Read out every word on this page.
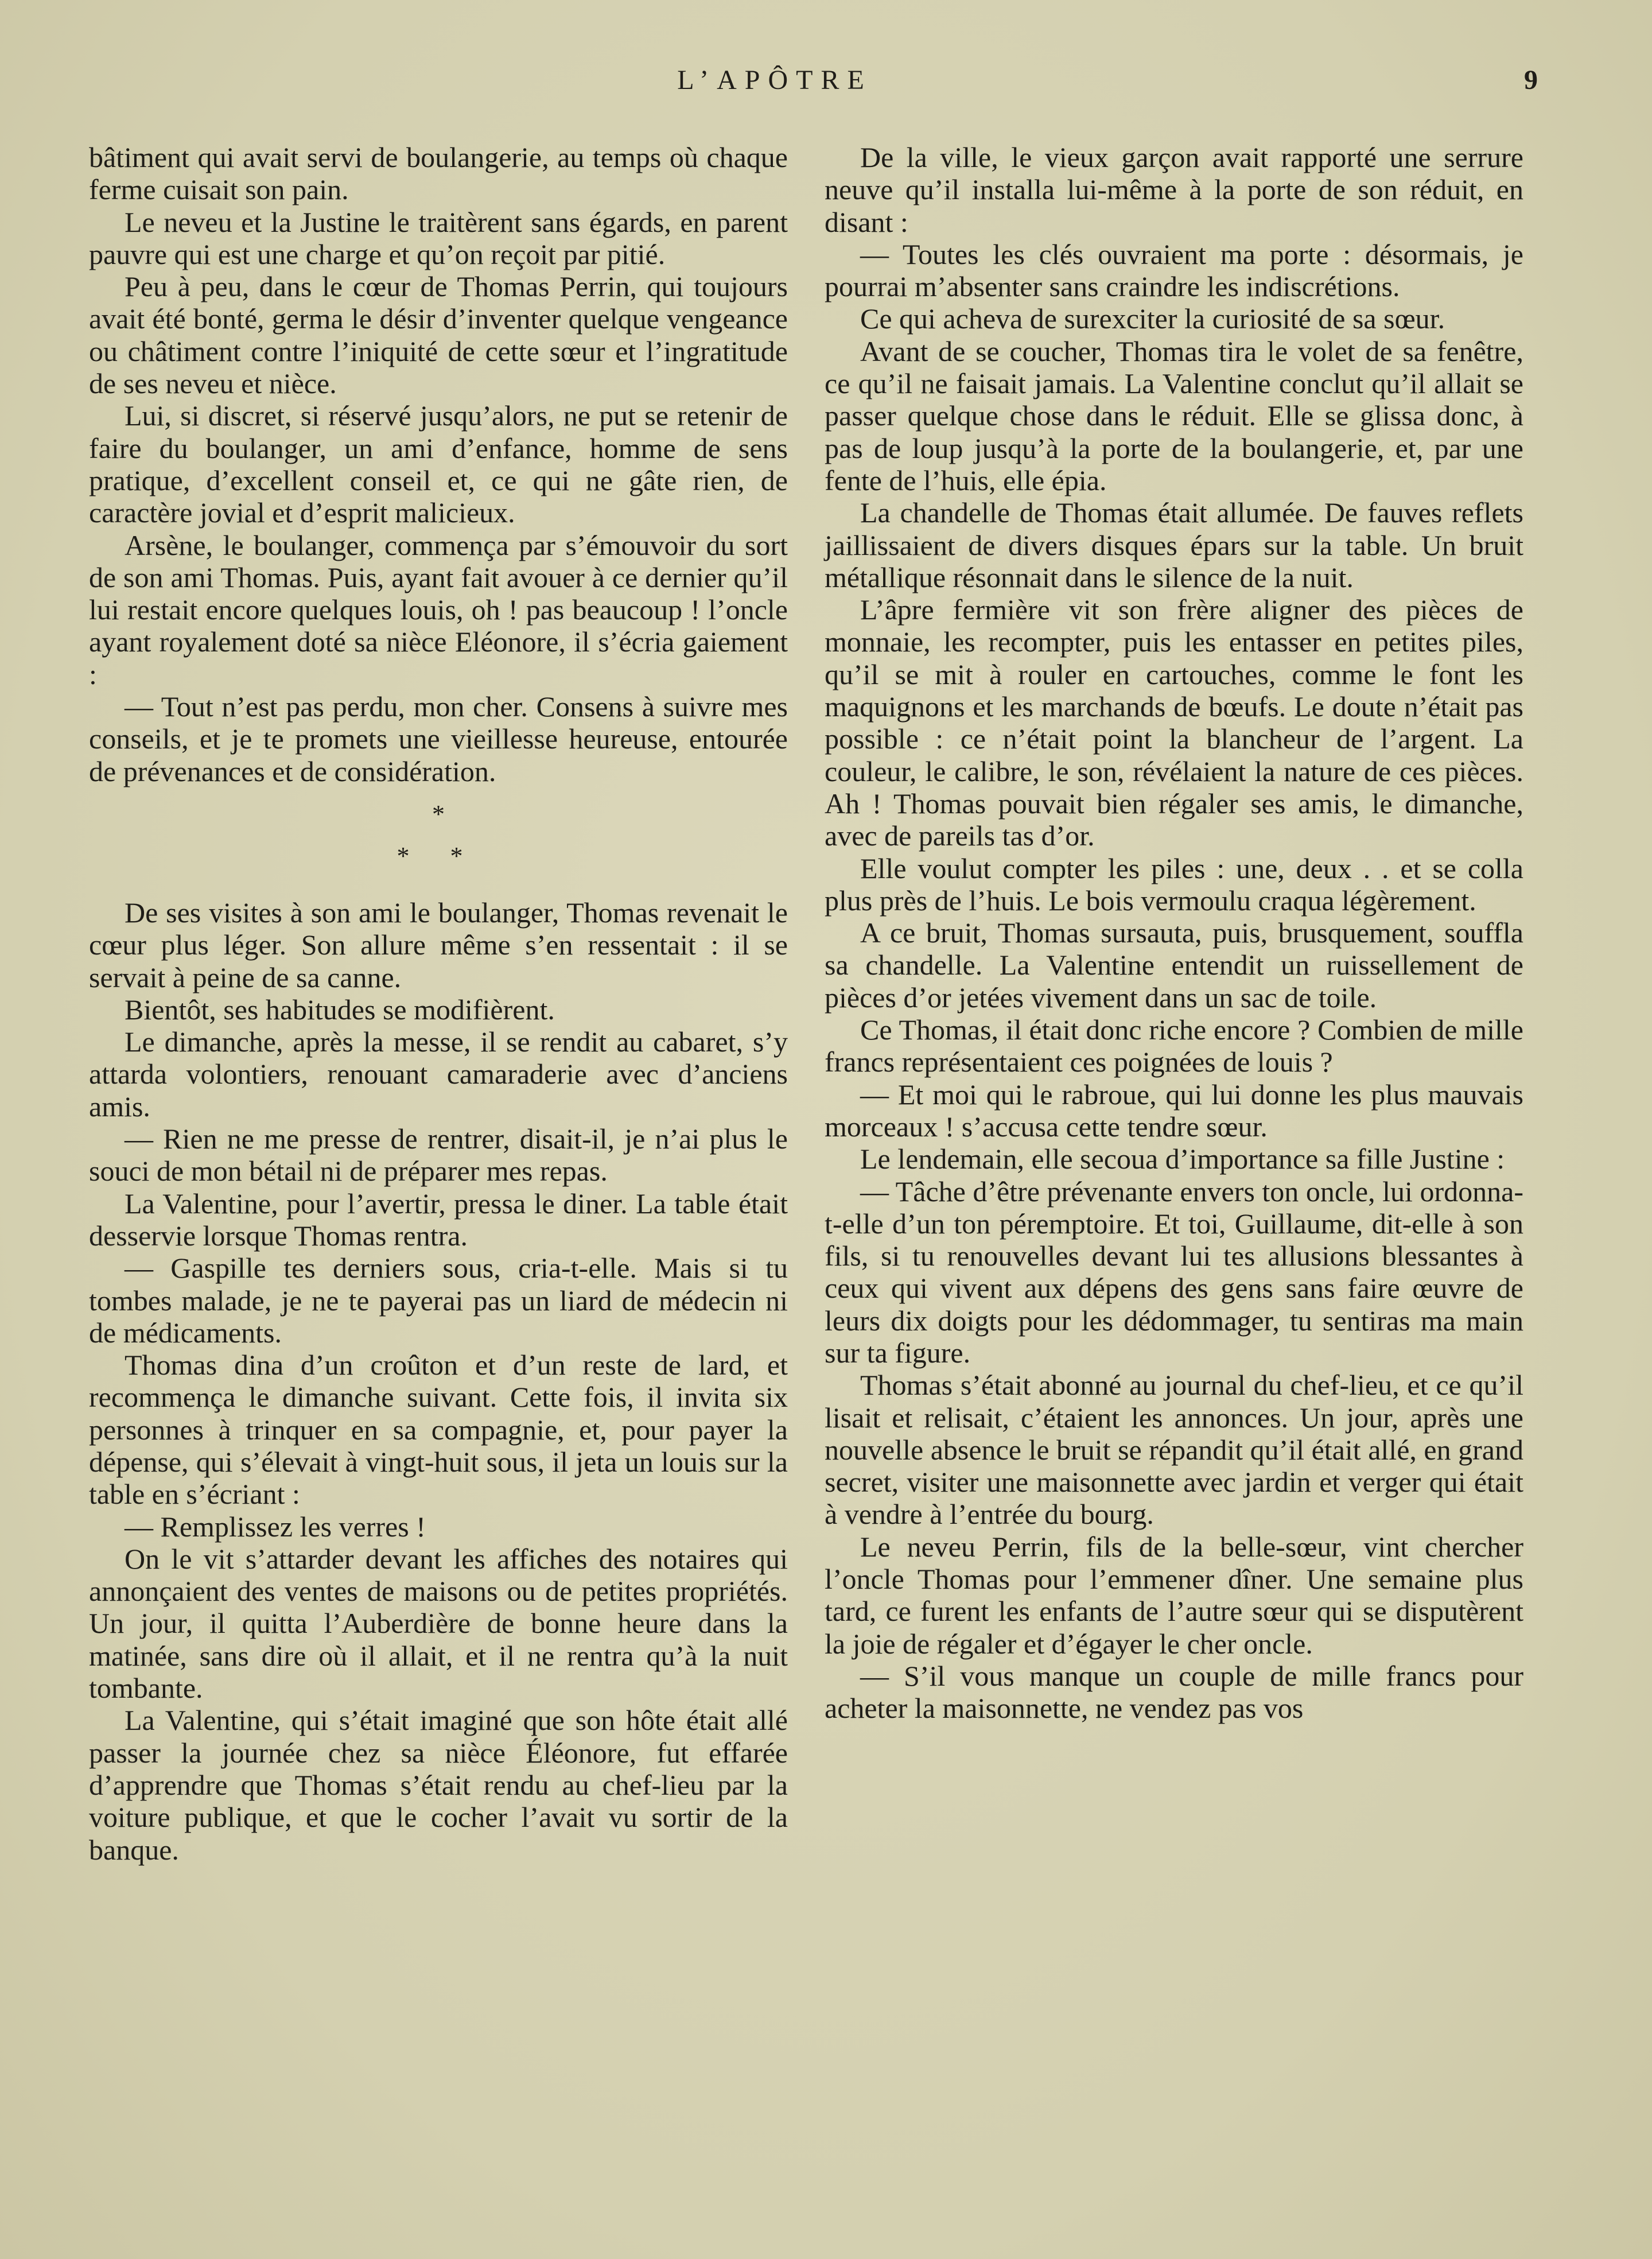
L’APÔTRE	9

bâtiment qui avait servi de boulangerie, au temps où chaque ferme cuisait son pain.

Le neveu et la Justine le traitèrent sans égards, en parent pauvre qui est une charge et qu’on reçoit par pitié.

Peu à peu, dans le cœur de Thomas Perrin, qui toujours avait été bonté, germa le désir d’inventer quelque vengeance ou châtiment contre l’iniquité de cette sœur et l’ingratitude de ses neveu et nièce.

Lui, si discret, si réservé jusqu’alors, ne put se retenir de faire du boulanger, un ami d’enfance, homme de sens pratique, d’excellent conseil et, ce qui ne gâte rien, de caractère jovial et d’esprit malicieux.

Arsène, le boulanger, commença par s’émouvoir du sort de son ami Thomas. Puis, ayant fait avouer à ce dernier qu’il lui restait encore quelques louis, oh ! pas beaucoup ! l’oncle ayant royalement doté sa nièce Eléonore, il s’écria gaiement :

— Tout n’est pas perdu, mon cher. Consens à suivre mes conseils, et je te promets une vieillesse heureuse, entourée de prévenances et de considération.

*
* *

De ses visites à son ami le boulanger, Thomas revenait le cœur plus léger. Son allure même s’en ressentait : il se servait à peine de sa canne.

Bientôt, ses habitudes se modifièrent.

Le dimanche, après la messe, il se rendit au cabaret, s’y attarda volontiers, renouant camaraderie avec d’anciens amis.

— Rien ne me presse de rentrer, disait-il, je n’ai plus le souci de mon bétail ni de préparer mes repas.

La Valentine, pour l’avertir, pressa le diner. La table était desservie lorsque Thomas rentra.

— Gaspille tes derniers sous, cria-t-elle. Mais si tu tombes malade, je ne te payerai pas un liard de médecin ni de médicaments.

Thomas dina d’un croûton et d’un reste de lard, et recommença le dimanche suivant. Cette fois, il invita six personnes à trinquer en sa compagnie, et, pour payer la dépense, qui s’élevait à vingt-huit sous, il jeta un louis sur la table en s’écriant :

— Remplissez les verres !

On le vit s’attarder devant les affiches des notaires qui annonçaient des ventes de maisons ou de petites propriétés. Un jour, il quitta l’Auberdière de bonne heure dans la matinée, sans dire où il allait, et il ne rentra qu’à la nuit tombante.

La Valentine, qui s’était imaginé que son hôte était allé passer la journée chez sa nièce Éléonore, fut effarée d’apprendre que Thomas s’était rendu au chef-lieu par la voiture publique, et que le cocher l’avait vu sortir de la banque.

De la ville, le vieux garçon avait rapporté une serrure neuve qu’il installa lui-même à la porte de son réduit, en disant :

— Toutes les clés ouvraient ma porte : désormais, je pourrai m’absenter sans craindre les indiscrétions.

Ce qui acheva de surexciter la curiosité de sa sœur.

Avant de se coucher, Thomas tira le volet de sa fenêtre, ce qu’il ne faisait jamais. La Valentine conclut qu’il allait se passer quelque chose dans le réduit. Elle se glissa donc, à pas de loup jusqu’à la porte de la boulangerie, et, par une fente de l’huis, elle épia.

La chandelle de Thomas était allumée. De fauves reflets jaillissaient de divers disques épars sur la table. Un bruit métallique résonnait dans le silence de la nuit.

L’âpre fermière vit son frère aligner des pièces de monnaie, les recompter, puis les entasser en petites piles, qu’il se mit à rouler en cartouches, comme le font les maquignons et les marchands de bœufs. Le doute n’était pas possible : ce n’était point la blancheur de l’argent. La couleur, le calibre, le son, révélaient la nature de ces pièces. Ah ! Thomas pouvait bien régaler ses amis, le dimanche, avec de pareils tas d’or.

Elle voulut compter les piles : une, deux . . et se colla plus près de l’huis. Le bois vermoulu craqua légèrement.

A ce bruit, Thomas sursauta, puis, brusquement, souffla sa chandelle. La Valentine entendit un ruissellement de pièces d’or jetées vivement dans un sac de toile.

Ce Thomas, il était donc riche encore ? Combien de mille francs représentaient ces poignées de louis ?

— Et moi qui le rabroue, qui lui donne les plus mauvais morceaux ! s’accusa cette tendre sœur.

Le lendemain, elle secoua d’importance sa fille Justine :

— Tâche d’être prévenante envers ton oncle, lui ordonna-t-elle d’un ton péremptoire. Et toi, Guillaume, dit-elle à son fils, si tu renouvelles devant lui tes allusions blessantes à ceux qui vivent aux dépens des gens sans faire œuvre de leurs dix doigts pour les dédommager, tu sentiras ma main sur ta figure.

Thomas s’était abonné au journal du chef-lieu, et ce qu’il lisait et relisait, c’étaient les annonces. Un jour, après une nouvelle absence le bruit se répandit qu’il était allé, en grand secret, visiter une maisonnette avec jardin et verger qui était à vendre à l’entrée du bourg.

Le neveu Perrin, fils de la belle-sœur, vint chercher l’oncle Thomas pour l’emmener dîner. Une semaine plus tard, ce furent les enfants de l’autre sœur qui se disputèrent la joie de régaler et d’égayer le cher oncle.

— S’il vous manque un couple de mille francs pour acheter la maisonnette, ne vendez pas vos
